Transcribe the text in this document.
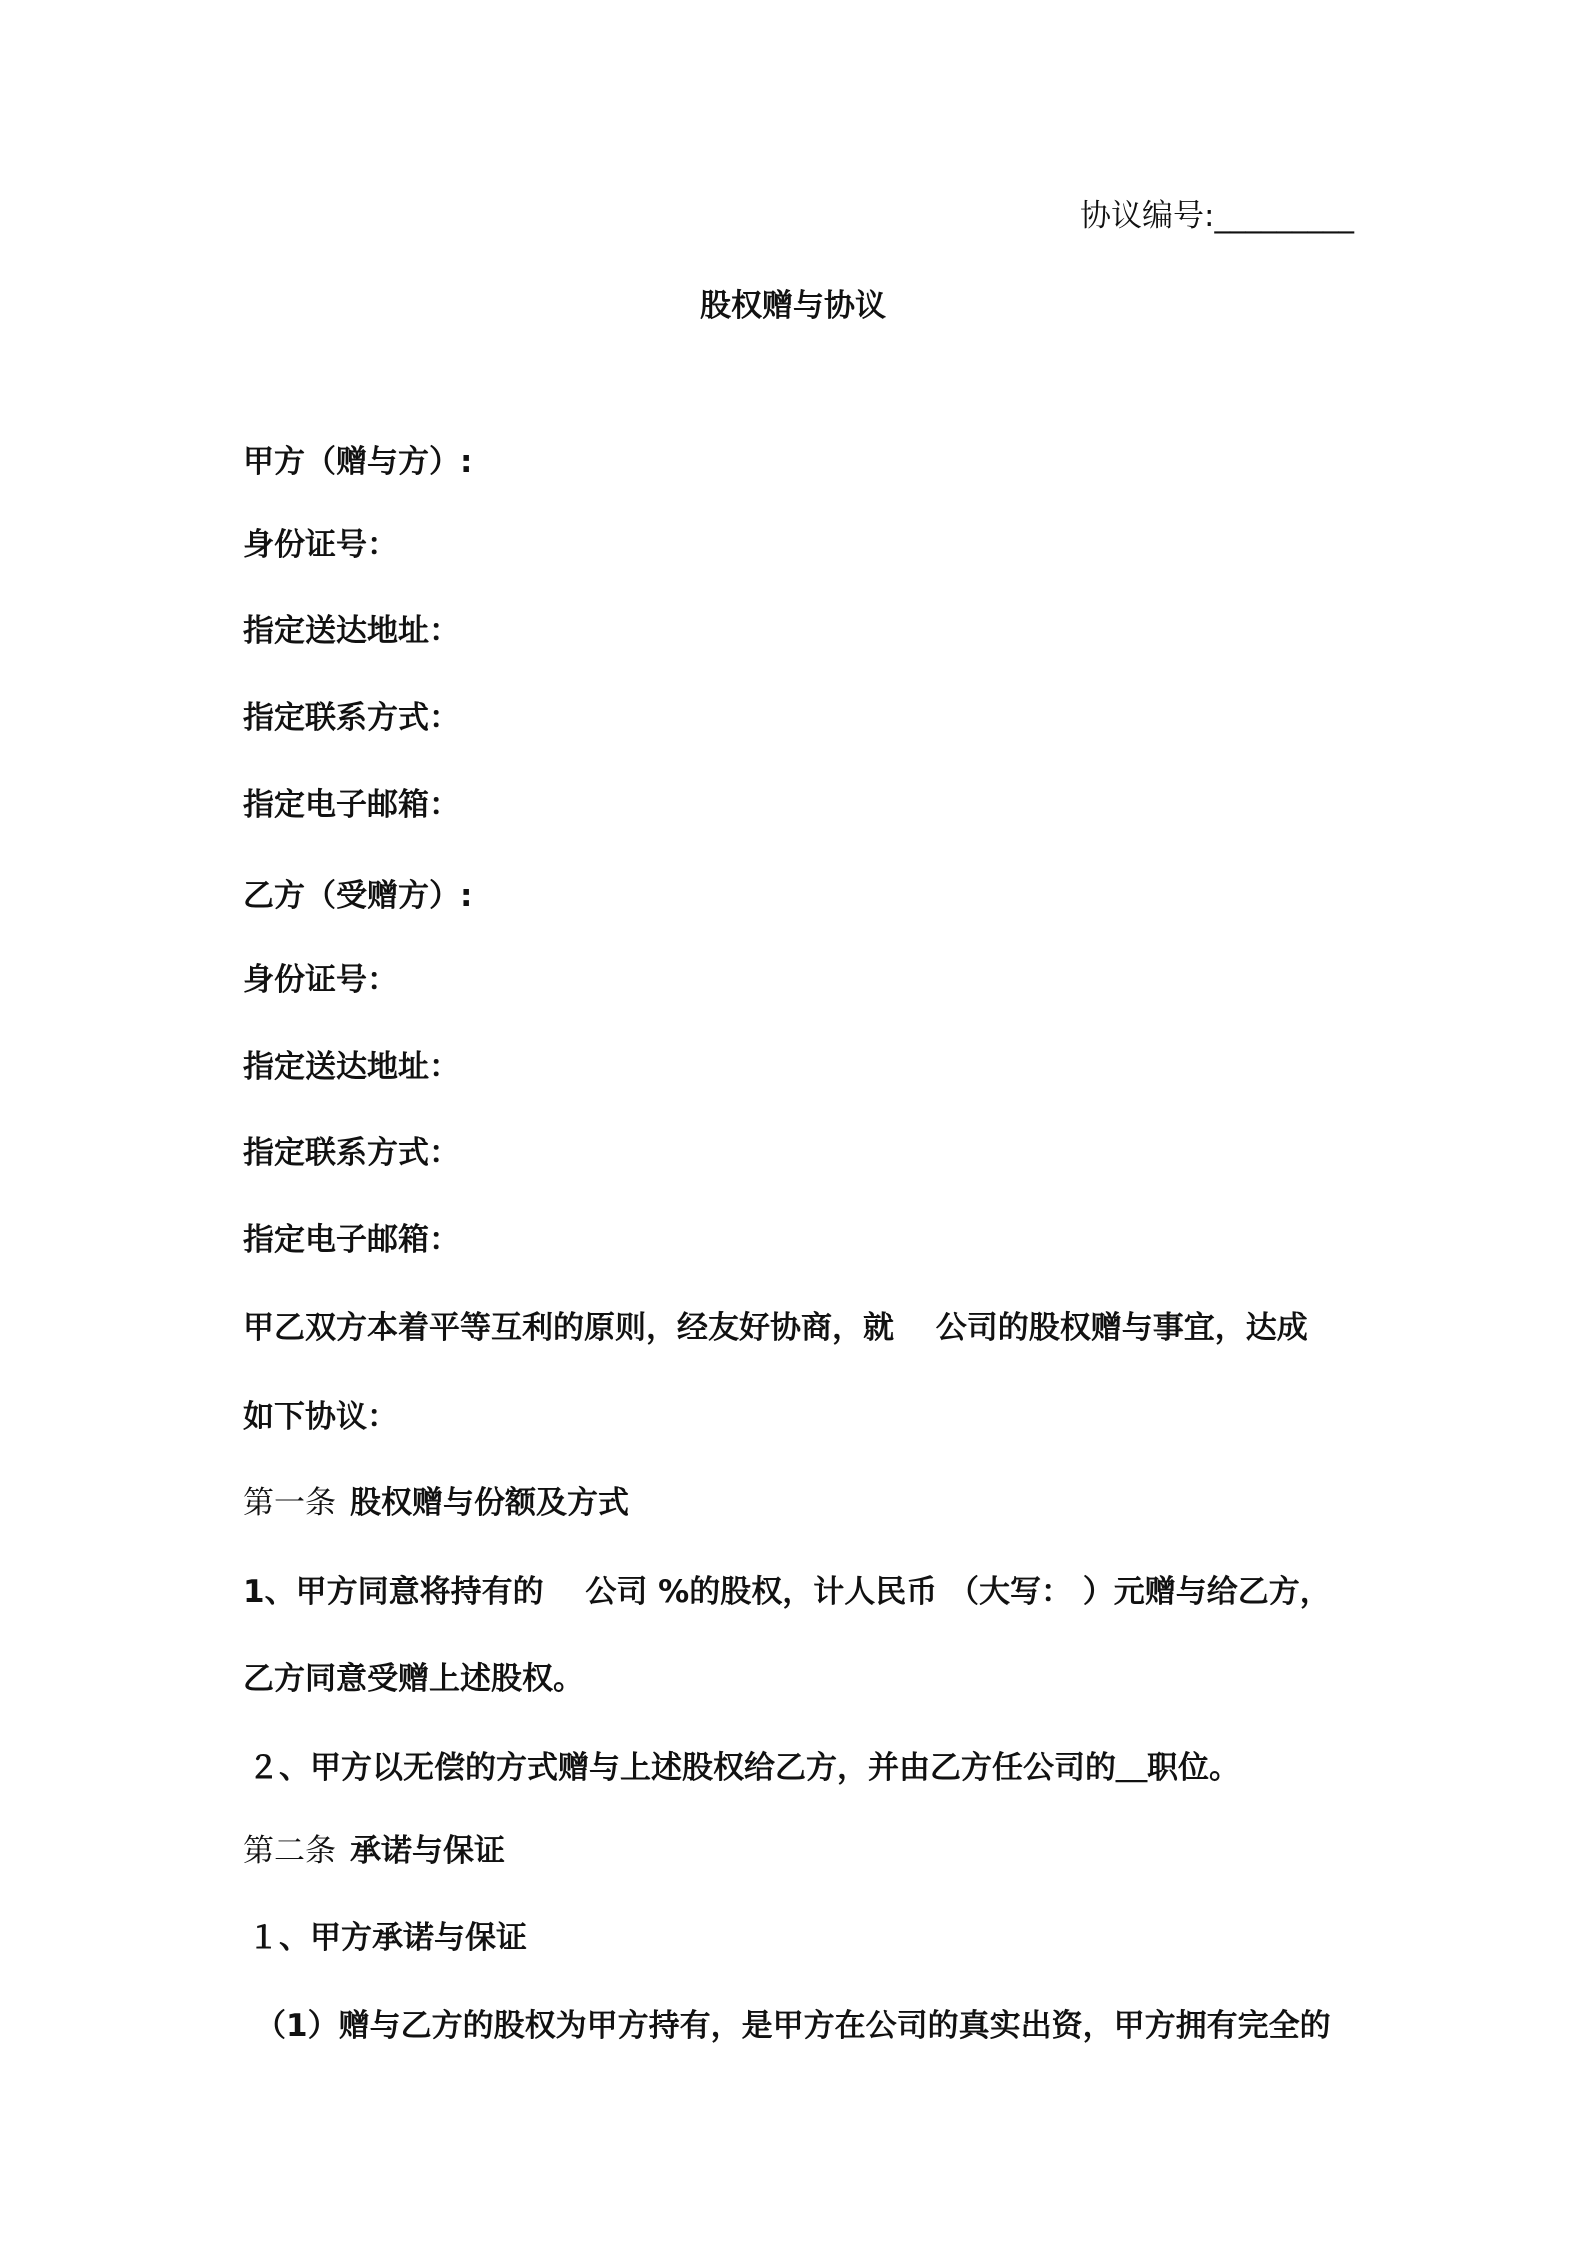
协议编号:_________
股权赠与协议
甲方（赠与方）:
身份证号：
指定送达地址：
指定联系方式：
指定电子邮箱：
乙方（受赠方）:
身份证号：
指定送达地址：
指定联系方式：
指定电子邮箱：
甲乙双方本着平等互利的原则，经友好协商，就　 公司的股权赠与事宜，达成
如下协议：
第一条 股权赠与份额及方式
1、甲方同意将持有的　 公司 %的股权，计人民币 （大写： ）元赠与给乙方，
乙方同意受赠上述股权。
２、甲方以无偿的方式赠与上述股权给乙方，并由乙方任公司的＿职位。
第二条 承诺与保证
１、甲方承诺与保证
（1）赠与乙方的股权为甲方持有，是甲方在公司的真实出资，甲方拥有完全的
